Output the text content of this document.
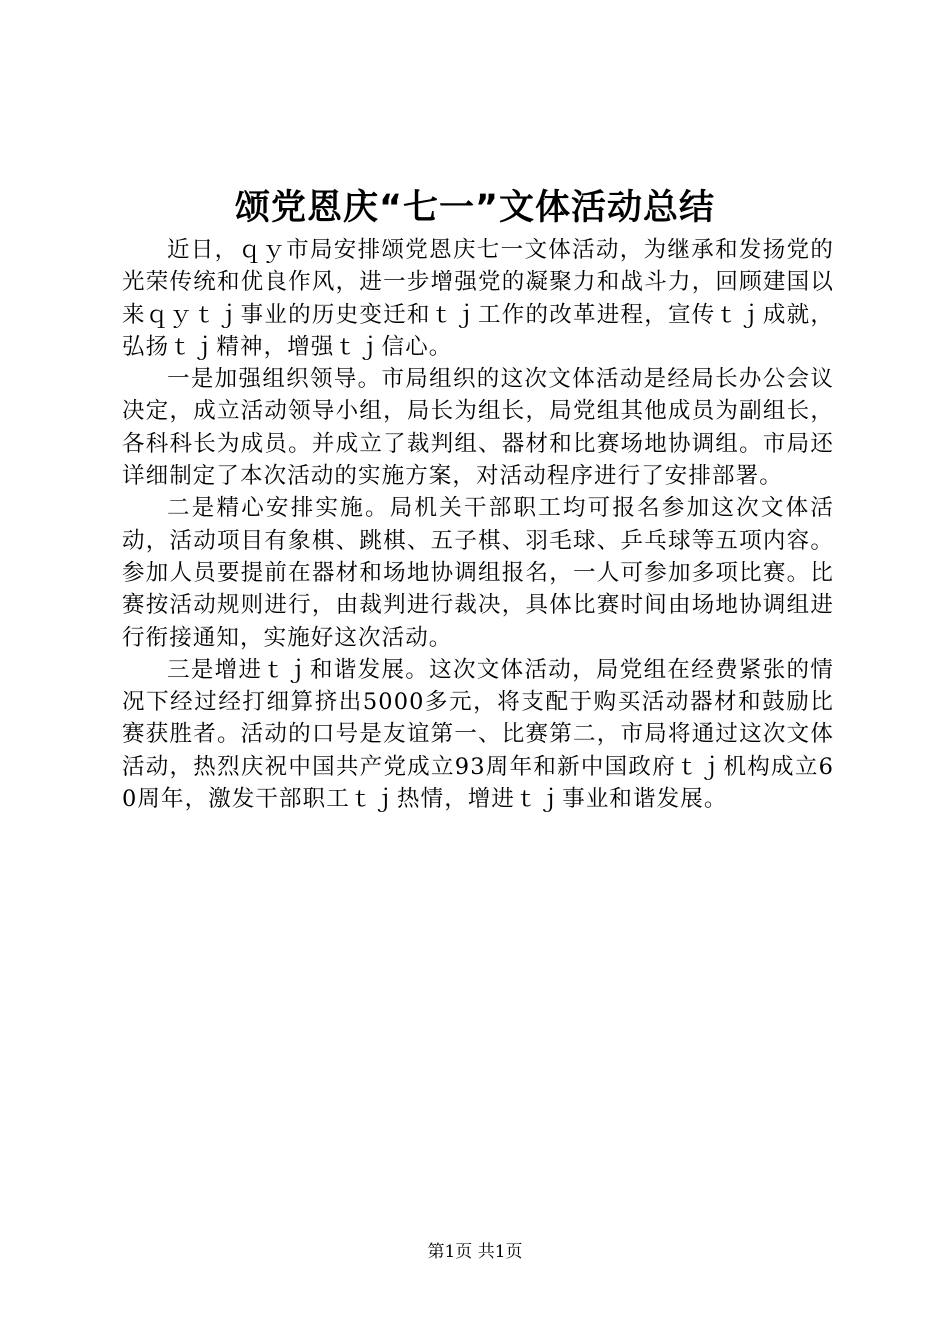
颂党恩庆“七一”文体活动总结

近日，ｑｙ市局安排颂党恩庆七一文体活动，为继承和发扬党的光荣传统和优良作风，进一步增强党的凝聚力和战斗力，回顾建国以来ｑｙｔｊ事业的历史变迁和ｔｊ工作的改革进程，宣传ｔｊ成就，弘扬ｔｊ精神，增强ｔｊ信心。

一是加强组织领导。市局组织的这次文体活动是经局长办公会议决定，成立活动领导小组，局长为组长，局党组其他成员为副组长，各科科长为成员。并成立了裁判组、器材和比赛场地协调组。市局还详细制定了本次活动的实施方案，对活动程序进行了安排部署。

二是精心安排实施。局机关干部职工均可报名参加这次文体活动，活动项目有象棋、跳棋、五子棋、羽毛球、乒乓球等五项内容。参加人员要提前在器材和场地协调组报名，一人可参加多项比赛。比赛按活动规则进行，由裁判进行裁决，具体比赛时间由场地协调组进行衔接通知，实施好这次活动。

三是增进ｔｊ和谐发展。这次文体活动，局党组在经费紧张的情况下经过经打细算挤出5000多元，将支配于购买活动器材和鼓励比赛获胜者。活动的口号是友谊第一、比赛第二，市局将通过这次文体活动，热烈庆祝中国共产党成立93周年和新中国政府ｔｊ机构成立60周年，激发干部职工ｔｊ热情，增进ｔｊ事业和谐发展。

第1页 共1页
